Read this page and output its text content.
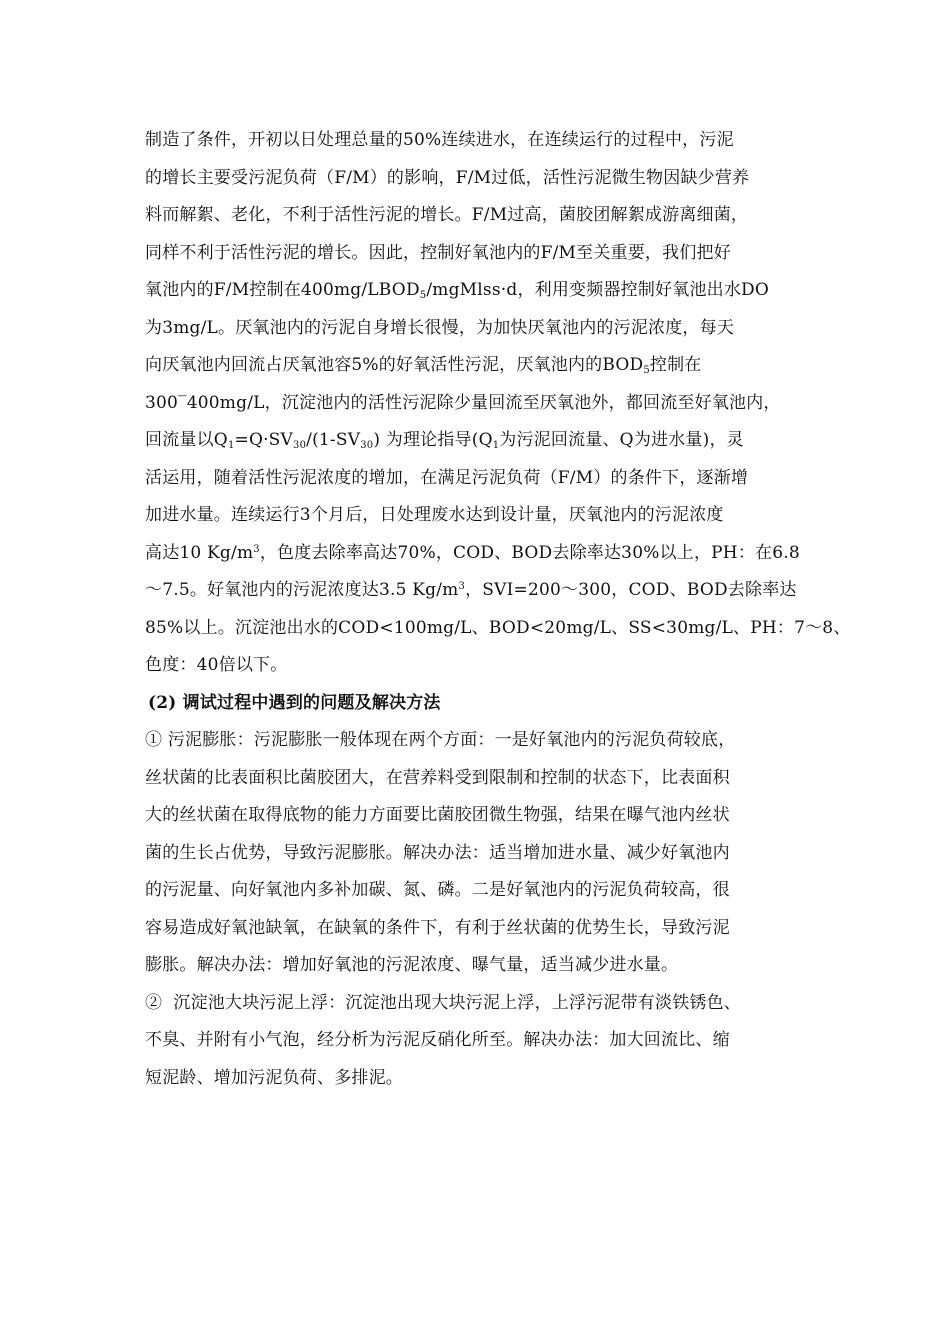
制造了条件，开初以日处理总量的50%连续进水，在连续运行的过程中，污泥
的增长主要受污泥负荷（F/M）的影响，F/M过低，活性污泥微生物因缺少营养
料而解絮、老化，不利于活性污泥的增长。F/M过高，菌胶团解絮成游离细菌，
同样不利于活性污泥的增长。因此，控制好氧池内的F/M至关重要，我们把好
氧池内的F/M控制在$400mg/LBOD_5/mgMlss\cdot d$，利用变频器控制好氧池出水DO
为3mg/L。厌氧池内的污泥自身增长很慢，为加快厌氧池内的污泥浓度，每天
向厌氧池内回流占厌氧池容5%的好氧活性污泥，厌氧池内的$BOD_5$控制在
300‾400mg/L，沉淀池内的活性污泥除少量回流至厌氧池外，都回流至好氧池内，
回流量以$Q_1=Q\cdot SV_{30}/(1-SV_{30})$ 为理论指导($Q_1$为污泥回流量、Q为进水量)，灵
活运用，随着活性污泥浓度的增加，在满足污泥负荷（F/M）的条件下，逐渐增
加进水量。连续运行3个月后，日处理废水达到设计量，厌氧池内的污泥浓度
高达10 $Kg/m^3$，色度去除率高达70%，COD、BOD去除率达30%以上，PH：在6.8
～7.5。好氧池内的污泥浓度达3.5 $Kg/m^3$，SVI=200～300，COD、BOD去除率达
85%以上。沉淀池出水的COD<100mg/L、BOD<20mg/L、SS<30mg/L、PH：7～8、
色度：40倍以下。
(2) 调试过程中遇到的问题及解决方法
① 污泥膨胀：污泥膨胀一般体现在两个方面：一是好氧池内的污泥负荷较底，
丝状菌的比表面积比菌胶团大，在营养料受到限制和控制的状态下，比表面积
大的丝状菌在取得底物的能力方面要比菌胶团微生物强，结果在曝气池内丝状
菌的生长占优势，导致污泥膨胀。解决办法：适当增加进水量、减少好氧池内
的污泥量、向好氧池内多补加碳、氮、磷。二是好氧池内的污泥负荷较高，很
容易造成好氧池缺氧，在缺氧的条件下，有利于丝状菌的优势生长，导致污泥
膨胀。解决办法：增加好氧池的污泥浓度、曝气量，适当减少进水量。
②  沉淀池大块污泥上浮：沉淀池出现大块污泥上浮，上浮污泥带有淡铁锈色、
不臭、并附有小气泡，经分析为污泥反硝化所至。解决办法：加大回流比、缩
短泥龄、增加污泥负荷、多排泥。
